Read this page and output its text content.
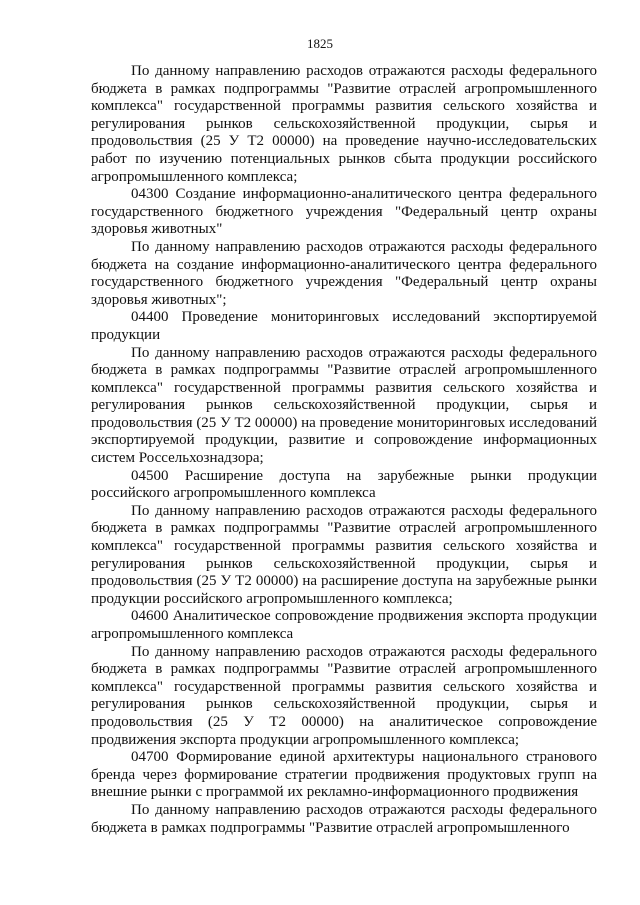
1825

По данному направлению расходов отражаются расходы федерального бюджета в рамках подпрограммы "Развитие отраслей агропромышленного комплекса" государственной программы развития сельского хозяйства и регулирования рынков сельскохозяйственной продукции, сырья и продовольствия (25 У Т2 00000) на проведение научно-исследовательских работ по изучению потенциальных рынков сбыта продукции российского агропромышленного комплекса;

04300 Создание информационно-аналитического центра федерального государственного бюджетного учреждения "Федеральный центр охраны здоровья животных"

По данному направлению расходов отражаются расходы федерального бюджета на создание информационно-аналитического центра федерального государственного бюджетного учреждения "Федеральный центр охраны здоровья животных";

04400 Проведение мониторинговых исследований экспортируемой продукции

По данному направлению расходов отражаются расходы федерального бюджета в рамках подпрограммы "Развитие отраслей агропромышленного комплекса" государственной программы развития сельского хозяйства и регулирования рынков сельскохозяйственной продукции, сырья и продовольствия (25 У Т2 00000) на проведение мониторинговых исследований экспортируемой продукции, развитие и сопровождение информационных систем Россельхознадзора;

04500 Расширение доступа на зарубежные рынки продукции российского агропромышленного комплекса

По данному направлению расходов отражаются расходы федерального бюджета в рамках подпрограммы "Развитие отраслей агропромышленного комплекса" государственной программы развития сельского хозяйства и регулирования рынков сельскохозяйственной продукции, сырья и продовольствия (25 У Т2 00000) на расширение доступа на зарубежные рынки продукции российского агропромышленного комплекса;

04600 Аналитическое сопровождение продвижения экспорта продукции агропромышленного комплекса

По данному направлению расходов отражаются расходы федерального бюджета в рамках подпрограммы "Развитие отраслей агропромышленного комплекса" государственной программы развития сельского хозяйства и регулирования рынков сельскохозяйственной продукции, сырья и продовольствия (25 У Т2 00000) на аналитическое сопровождение продвижения экспорта продукции агропромышленного комплекса;

04700 Формирование единой архитектуры национального странового бренда через формирование стратегии продвижения продуктовых групп на внешние рынки с программой их рекламно-информационного продвижения

По данному направлению расходов отражаются расходы федерального бюджета в рамках подпрограммы "Развитие отраслей агропромышленного
